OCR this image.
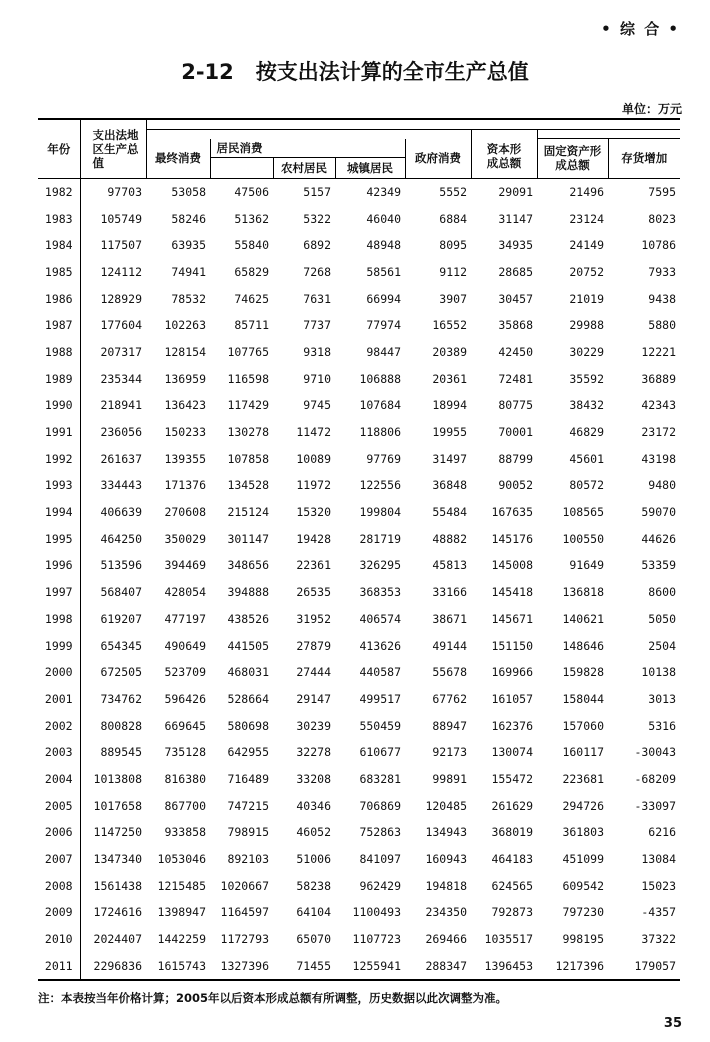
• 综 合 •
2-12 按支出法计算的全市生产总值
单位：万元
年份	支出法地区生产总值								
							资本形成总额		
		最终消费	居民消费			政府消费		固定资产形成总额	存货增加
				农村居民	城镇居民				
1982	97703	53058	47506	5157	42349	5552	29091	21496	7595
1983	105749	58246	51362	5322	46040	6884	31147	23124	8023
1984	117507	63935	55840	6892	48948	8095	34935	24149	10786
1985	124112	74941	65829	7268	58561	9112	28685	20752	7933
1986	128929	78532	74625	7631	66994	3907	30457	21019	9438
1987	177604	102263	85711	7737	77974	16552	35868	29988	5880
1988	207317	128154	107765	9318	98447	20389	42450	30229	12221
1989	235344	136959	116598	9710	106888	20361	72481	35592	36889
1990	218941	136423	117429	9745	107684	18994	80775	38432	42343
1991	236056	150233	130278	11472	118806	19955	70001	46829	23172
1992	261637	139355	107858	10089	97769	31497	88799	45601	43198
1993	334443	171376	134528	11972	122556	36848	90052	80572	9480
1994	406639	270608	215124	15320	199804	55484	167635	108565	59070
1995	464250	350029	301147	19428	281719	48882	145176	100550	44626
1996	513596	394469	348656	22361	326295	45813	145008	91649	53359
1997	568407	428054	394888	26535	368353	33166	145418	136818	8600
1998	619207	477197	438526	31952	406574	38671	145671	140621	5050
1999	654345	490649	441505	27879	413626	49144	151150	148646	2504
2000	672505	523709	468031	27444	440587	55678	169966	159828	10138
2001	734762	596426	528664	29147	499517	67762	161057	158044	3013
2002	800828	669645	580698	30239	550459	88947	162376	157060	5316
2003	889545	735128	642955	32278	610677	92173	130074	160117	-30043
2004	1013808	816380	716489	33208	683281	99891	155472	223681	-68209
2005	1017658	867700	747215	40346	706869	120485	261629	294726	-33097
2006	1147250	933858	798915	46052	752863	134943	368019	361803	6216
2007	1347340	1053046	892103	51006	841097	160943	464183	451099	13084
2008	1561438	1215485	1020667	58238	962429	194818	624565	609542	15023
2009	1724616	1398947	1164597	64104	1100493	234350	792873	797230	-4357
2010	2024407	1442259	1172793	65070	1107723	269466	1035517	998195	37322
2011	2296836	1615743	1327396	71455	1255941	288347	1396453	1217396	179057
注：本表按当年价格计算；2005年以后资本形成总额有所调整，历史数据以此次调整为准。
35
